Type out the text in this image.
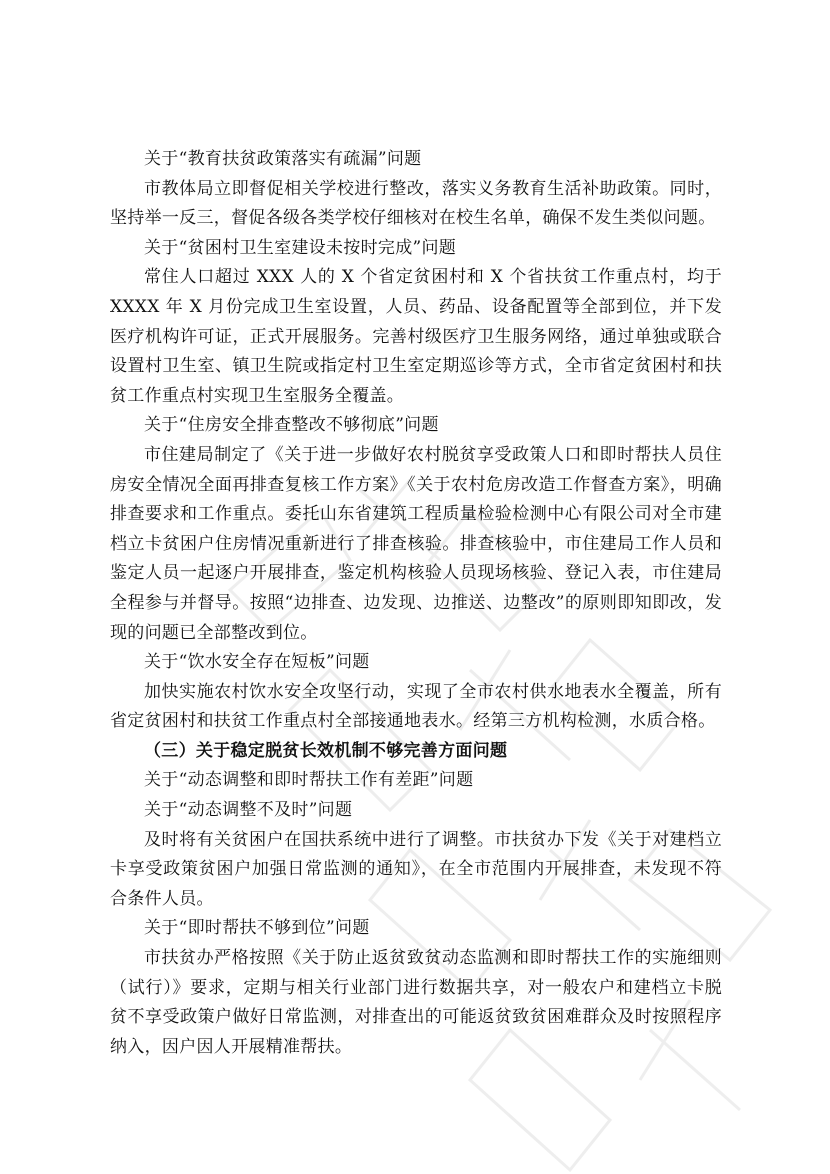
关于“教育扶贫政策落实有疏漏”问题

市教体局立即督促相关学校进行整改，落实义务教育生活补助政策。同时，坚持举一反三，督促各级各类学校仔细核对在校生名单，确保不发生类似问题。

关于“贫困村卫生室建设未按时完成”问题

常住人口超过 XXX 人的 X 个省定贫困村和 X 个省扶贫工作重点村，均于 XXXX 年 X 月份完成卫生室设置，人员、药品、设备配置等全部到位，并下发医疗机构许可证，正式开展服务。完善村级医疗卫生服务网络，通过单独或联合设置村卫生室、镇卫生院或指定村卫生室定期巡诊等方式，全市省定贫困村和扶贫工作重点村实现卫生室服务全覆盖。

关于“住房安全排查整改不够彻底”问题

市住建局制定了《关于进一步做好农村脱贫享受政策人口和即时帮扶人员住房安全情况全面再排查复核工作方案》《关于农村危房改造工作督查方案》，明确排查要求和工作重点。委托山东省建筑工程质量检验检测中心有限公司对全市建档立卡贫困户住房情况重新进行了排查核验。排查核验中，市住建局工作人员和鉴定人员一起逐户开展排查，鉴定机构核验人员现场核验、登记入表，市住建局全程参与并督导。按照“边排查、边发现、边推送、边整改”的原则即知即改，发现的问题已全部整改到位。

关于“饮水安全存在短板”问题

加快实施农村饮水安全攻坚行动，实现了全市农村供水地表水全覆盖，所有省定贫困村和扶贫工作重点村全部接通地表水。经第三方机构检测，水质合格。

（三）关于稳定脱贫长效机制不够完善方面问题

关于“动态调整和即时帮扶工作有差距”问题

关于“动态调整不及时”问题

及时将有关贫困户在国扶系统中进行了调整。市扶贫办下发《关于对建档立卡享受政策贫困户加强日常监测的通知》，在全市范围内开展排查，未发现不符合条件人员。

关于“即时帮扶不够到位”问题

市扶贫办严格按照《关于防止返贫致贫动态监测和即时帮扶工作的实施细则（试行）》要求，定期与相关行业部门进行数据共享，对一般农户和建档立卡脱贫不享受政策户做好日常监测，对排查出的可能返贫致贫困难群众及时按照程序纳入，因户因人开展精准帮扶。
